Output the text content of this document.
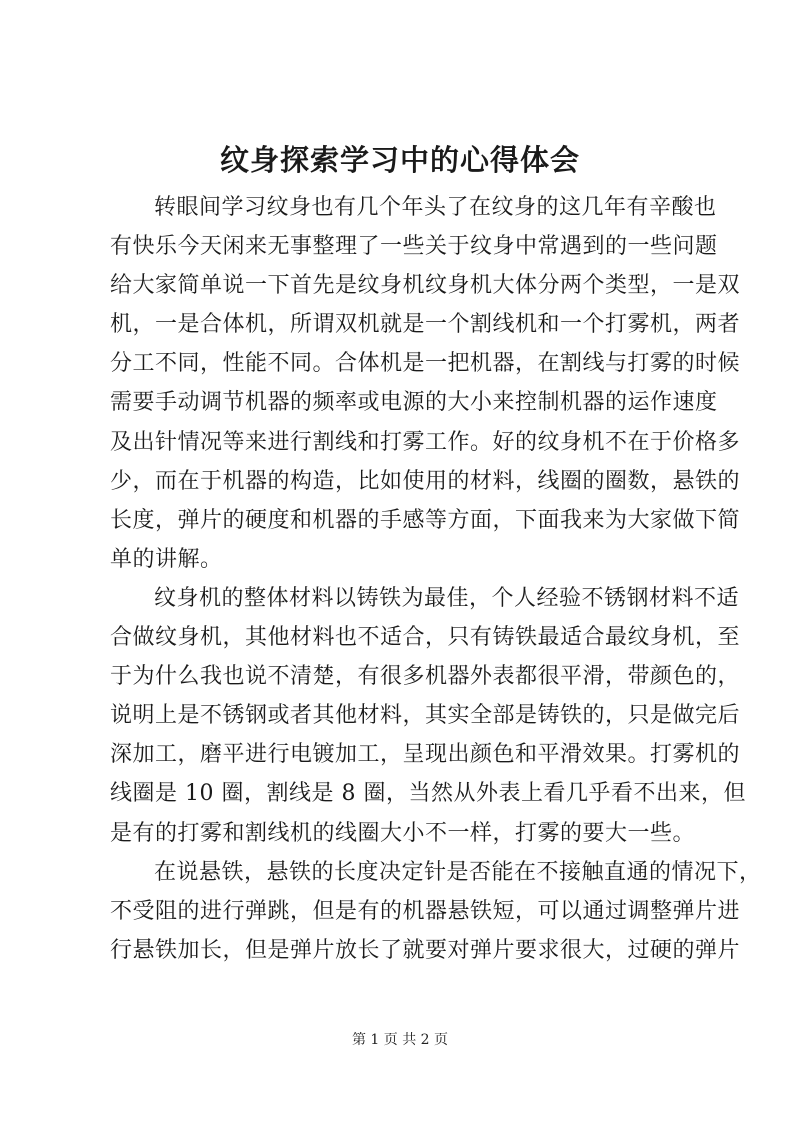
纹身探索学习中的心得体会
转眼间学习纹身也有几个年头了在纹身的这几年有辛酸也
有快乐今天闲来无事整理了一些关于纹身中常遇到的一些问题
给大家简单说一下首先是纹身机纹身机大体分两个类型，一是双
机，一是合体机，所谓双机就是一个割线机和一个打雾机，两者
分工不同，性能不同。合体机是一把机器，在割线与打雾的时候
需要手动调节机器的频率或电源的大小来控制机器的运作速度
及出针情况等来进行割线和打雾工作。好的纹身机不在于价格多
少，而在于机器的构造，比如使用的材料，线圈的圈数，悬铁的
长度，弹片的硬度和机器的手感等方面，下面我来为大家做下简
单的讲解。
纹身机的整体材料以铸铁为最佳，个人经验不锈钢材料不适
合做纹身机，其他材料也不适合，只有铸铁最适合最纹身机，至
于为什么我也说不清楚，有很多机器外表都很平滑，带颜色的，
说明上是不锈钢或者其他材料，其实全部是铸铁的，只是做完后
深加工，磨平进行电镀加工，呈现出颜色和平滑效果。打雾机的
线圈是 10 圈，割线是 8 圈，当然从外表上看几乎看不出来，但
是有的打雾和割线机的线圈大小不一样，打雾的要大一些。
在说悬铁，悬铁的长度决定针是否能在不接触直通的情况下，
不受阻的进行弹跳，但是有的机器悬铁短，可以通过调整弹片进
行悬铁加长，但是弹片放长了就要对弹片要求很大，过硬的弹片
第 1 页 共 2 页
